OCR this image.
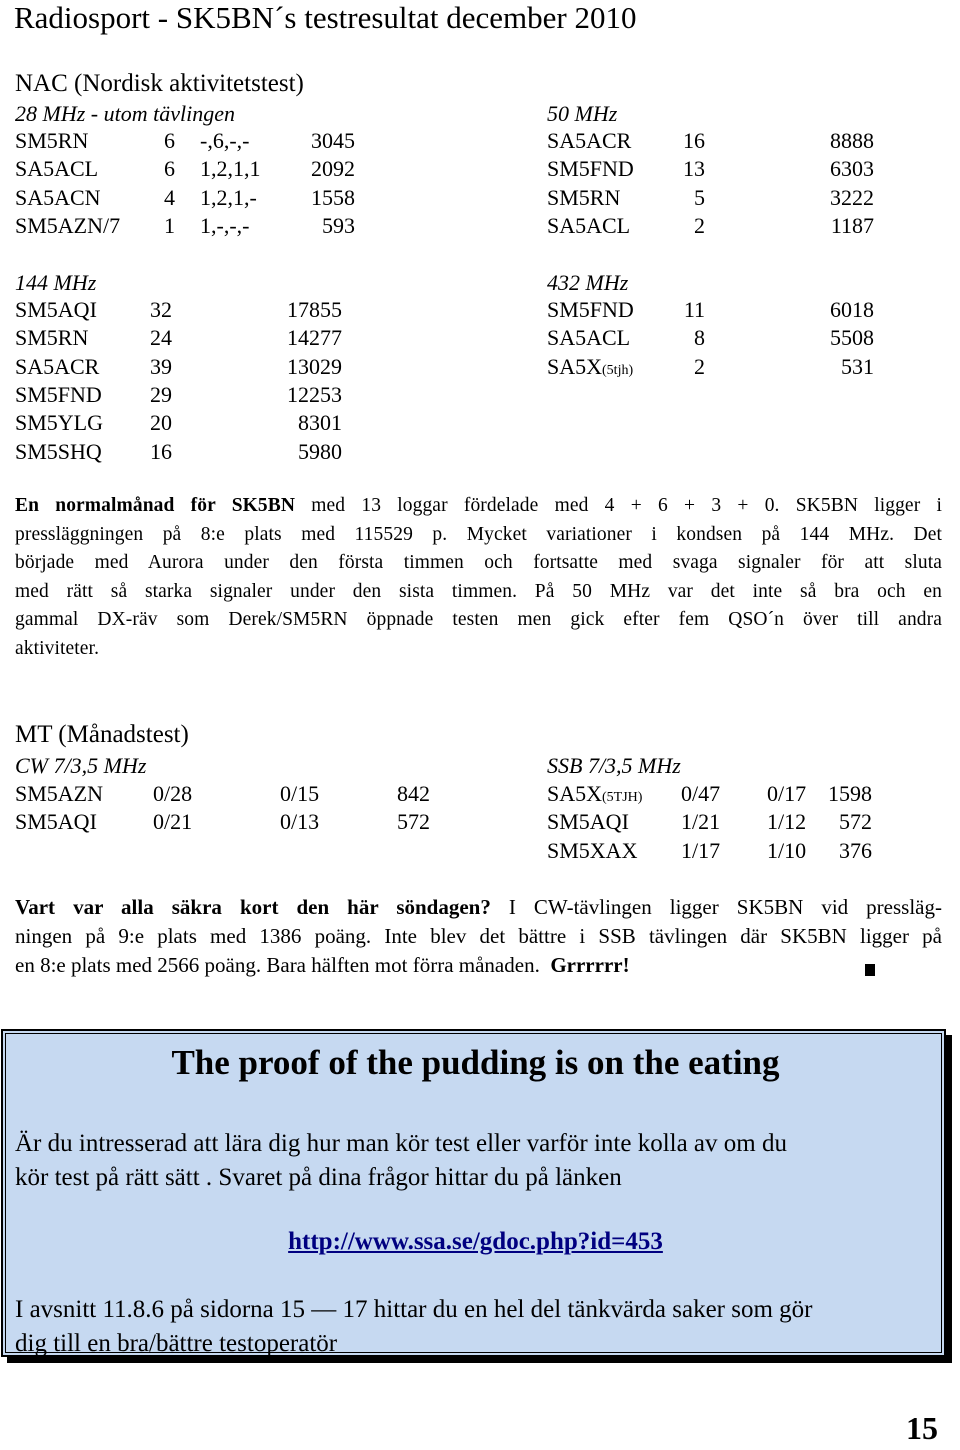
Radiosport - SK5BN´s testresultat december 2010
NAC (Nordisk aktivitetstest)
28 MHz - utom tävlingen
SM5RN	6 -,6,-,-	3045
SA5ACL	6 1,2,1,1	2092
SA5ACN	4 1,2,1,-	1558
SM5AZN/7	1 1,-,-,-	593
50 MHz
SA5ACR	16	8888
SM5FND	13	6303
SM5RN	5	3222
SA5ACL	2	1187
144 MHz
SM5AQI	32	17855
SM5RN	24	14277
SA5ACR	39	13029
SM5FND	29	12253
SM5YLG	20	8301
SM5SHQ	16	5980
432 MHz
SM5FND	11	6018
SA5ACL	8	5508
SA5X(5tjh)	2	531
En normalmånad för SK5BN med 13 loggar fördelade med 4 + 6 + 3 + 0. SK5BN ligger i
pressläggningen på 8:e plats med 115529 p. Mycket variationer i kondsen på 144 MHz. Det
började med Aurora under den första timmen och fortsatte med svaga signaler för att sluta
med rätt så starka signaler under den sista timmen. På 50 MHz var det inte så bra och en
gammal DX-räv som Derek/SM5RN öppnade testen men gick efter fem QSO´n över till andra
aktiviteter.
MT (Månadstest)
CW 7/3,5 MHz	SSB 7/3,5 MHz
SM5AZN 0/28	0/15	842
SM5AQI	0/21	0/13	572
SA5X(5TJH) 0/47 0/17 1598
SM5AQI 1/21 1/12	572
SM5XAX 1/17 1/10	376
Vart var alla säkra kort den här söndagen? I CW-tävlingen ligger SK5BN vid pressläg-
ningen på 9:e plats med 1386 poäng. Inte blev det bättre i SSB tävlingen där SK5BN ligger på
en 8:e plats med 2566 poäng. Bara hälften mot förra månaden.  Grrrrrr!
The proof of the pudding is on the eating
Är du intresserad att lära dig hur man kör test eller varför inte kolla av om du
kör test på rätt sätt . Svaret på dina frågor hittar du på länken
http://www.ssa.se/gdoc.php?id=453
I avsnitt 11.8.6 på sidorna 15 — 17 hittar du en hel del tänkvärda saker som gör
dig till en bra/bättre testoperatör
15
